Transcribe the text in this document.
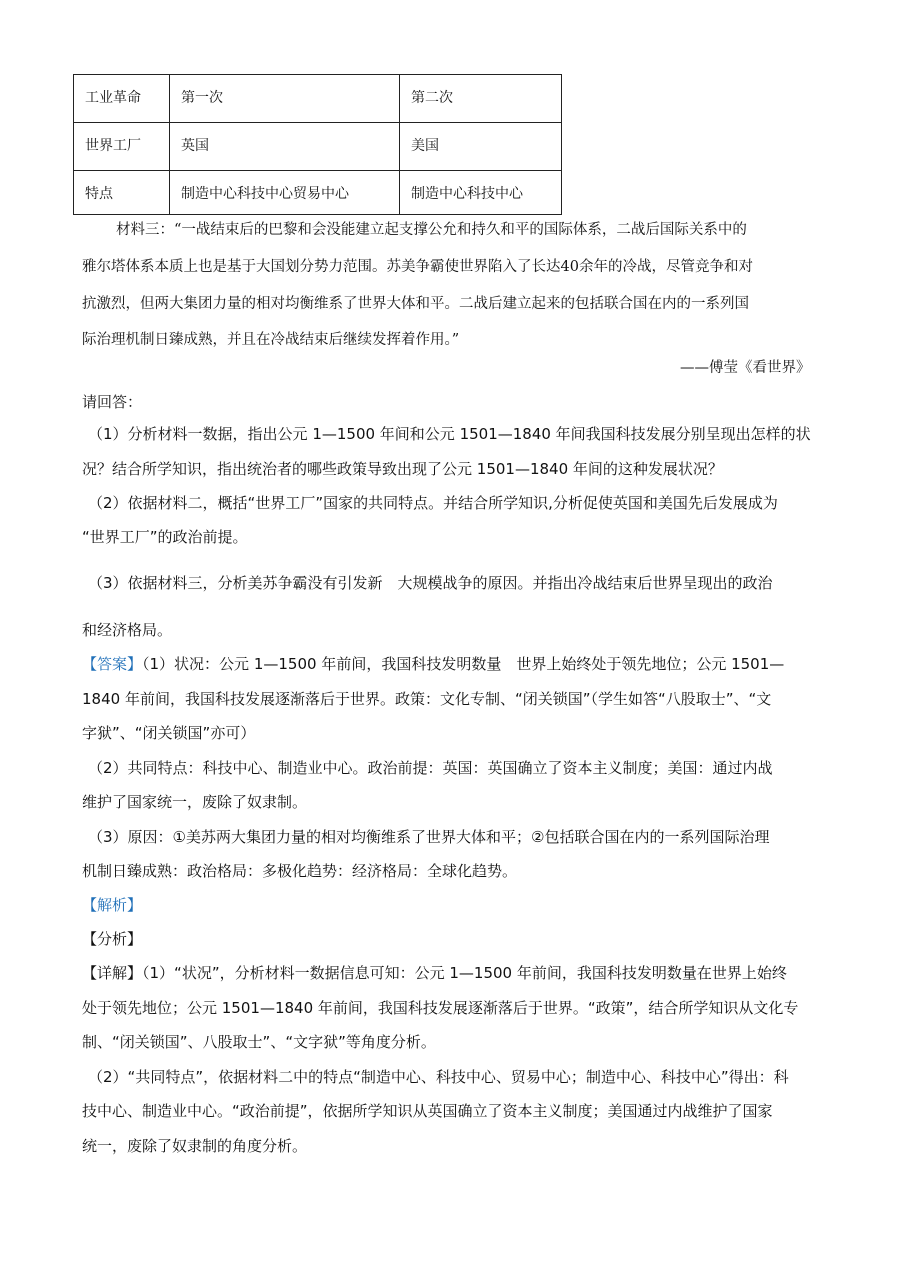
工业革命	第一次	第二次
世界工厂	英国	美国
特点	制造中心科技中心贸易中心	制造中心科技中心
材料三：“一战结束后的巴黎和会没能建立起支撑公允和持久和平的国际体系，二战后国际关系中的
雅尔塔体系本质上也是基于大国划分势力范围。苏美争霸使世界陷入了长达40余年的冷战，尽管竞争和对
抗激烈，但两大集团力量的相对均衡维系了世界大体和平。二战后建立起来的包括联合国在内的一系列国
际治理机制日臻成熟，并且在冷战结束后继续发挥着作用。”
——傅莹《看世界》
请回答：
（1）分析材料一数据，指出公元 1—1500 年间和公元 1501—1840 年间我国科技发展分别呈现出怎样的状
况？结合所学知识，指出统治者的哪些政策导致出现了公元 1501—1840 年间的这种发展状况？
（2）依据材料二，概括“世界工厂”国家的共同特点。并结合所学知识,分析促使英国和美国先后发展成为
“世界工厂”的政治前提。
（3）依据材料三，分析美苏争霸没有引发新　大规模战争的原因。并指出冷战结束后世界呈现出的政治
和经济格局。
【答案】（1）状况：公元 1—1500 年前间，我国科技发明数量　世界上始终处于领先地位；公元 1501—
1840 年前间，我国科技发展逐渐落后于世界。政策：文化专制、“闭关锁国”（学生如答“八股取士”、“文
字狱”、“闭关锁国”亦可）
（2）共同特点：科技中心、制造业中心。政治前提：英国：英国确立了资本主义制度；美国：通过内战
维护了国家统一，废除了奴隶制。
（3）原因：①美苏两大集团力量的相对均衡维系了世界大体和平；②包括联合国在内的一系列国际治理
机制日臻成熟：政治格局：多极化趋势：经济格局：全球化趋势。
【解析】
【分析】
【详解】（1）“状况”，分析材料一数据信息可知：公元 1—1500 年前间，我国科技发明数量在世界上始终
处于领先地位；公元 1501—1840 年前间，我国科技发展逐渐落后于世界。“政策”，结合所学知识从文化专
制、“闭关锁国”、八股取士”、“文字狱”等角度分析。
（2）“共同特点”，依据材料二中的特点“制造中心、科技中心、贸易中心；制造中心、科技中心”得出：科
技中心、制造业中心。“政治前提”，依据所学知识从英国确立了资本主义制度；美国通过内战维护了国家
统一，废除了奴隶制的角度分析。
